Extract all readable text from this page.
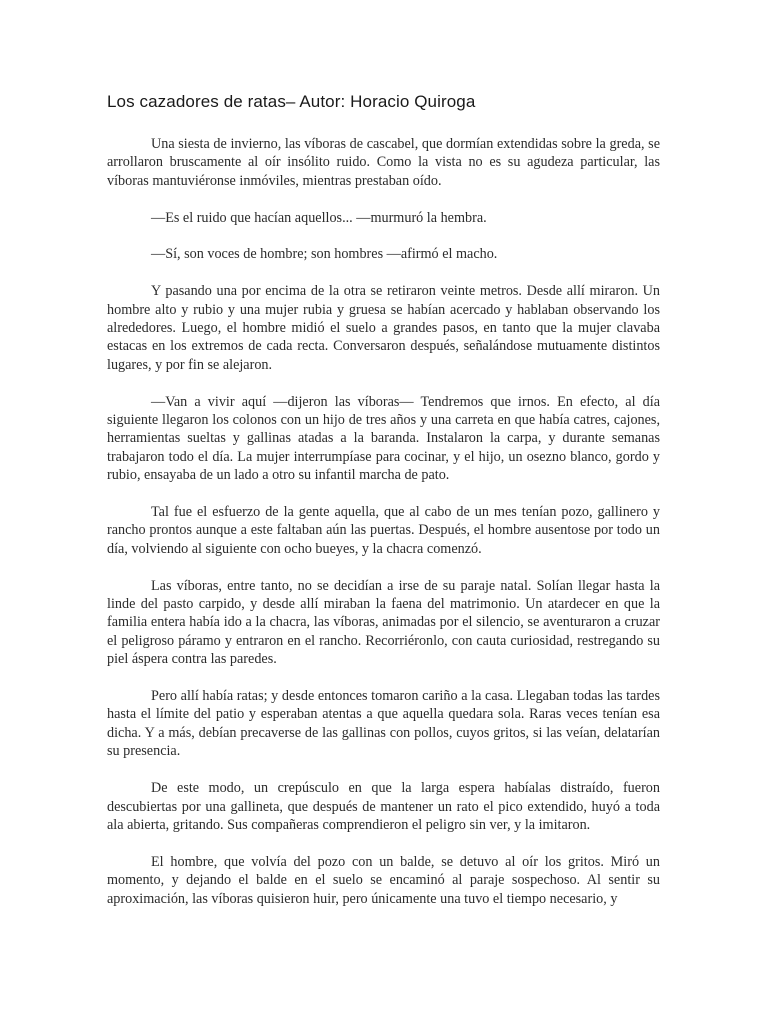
Los cazadores de ratas– Autor: Horacio Quiroga

Una siesta de invierno, las víboras de cascabel, que dormían extendidas sobre la greda, se arrollaron bruscamente al oír insólito ruido. Como la vista no es su agudeza particular, las víboras mantuviéronse inmóviles, mientras prestaban oído.

—Es el ruido que hacían aquellos... —murmuró la hembra.

—Sí, son voces de hombre; son hombres —afirmó el macho.

Y pasando una por encima de la otra se retiraron veinte metros. Desde allí miraron. Un hombre alto y rubio y una mujer rubia y gruesa se habían acercado y hablaban observando los alrededores. Luego, el hombre midió el suelo a grandes pasos, en tanto que la mujer clavaba estacas en los extremos de cada recta. Conversaron después, señalándose mutuamente distintos lugares, y por fin se alejaron.

—Van a vivir aquí —dijeron las víboras— Tendremos que irnos. En efecto, al día siguiente llegaron los colonos con un hijo de tres años y una carreta en que había catres, cajones, herramientas sueltas y gallinas atadas a la baranda. Instalaron la carpa, y durante semanas trabajaron todo el día. La mujer interrumpíase para cocinar, y el hijo, un osezno blanco, gordo y rubio, ensayaba de un lado a otro su infantil marcha de pato.

Tal fue el esfuerzo de la gente aquella, que al cabo de un mes tenían pozo, gallinero y rancho prontos aunque a este faltaban aún las puertas. Después, el hombre ausentose por todo un día, volviendo al siguiente con ocho bueyes, y la chacra comenzó.

Las víboras, entre tanto, no se decidían a irse de su paraje natal. Solían llegar hasta la linde del pasto carpido, y desde allí miraban la faena del matrimonio. Un atardecer en que la familia entera había ido a la chacra, las víboras, animadas por el silencio, se aventuraron a cruzar el peligroso páramo y entraron en el rancho. Recorriéronlo, con cauta curiosidad, restregando su piel áspera contra las paredes.

Pero allí había ratas; y desde entonces tomaron cariño a la casa. Llegaban todas las tardes hasta el límite del patio y esperaban atentas a que aquella quedara sola. Raras veces tenían esa dicha. Y a más, debían precaverse de las gallinas con pollos, cuyos gritos, si las veían, delatarían su presencia.

De este modo, un crepúsculo en que la larga espera habíalas distraído, fueron descubiertas por una gallineta, que después de mantener un rato el pico extendido, huyó a toda ala abierta, gritando. Sus compañeras comprendieron el peligro sin ver, y la imitaron.

El hombre, que volvía del pozo con un balde, se detuvo al oír los gritos. Miró un momento, y dejando el balde en el suelo se encaminó al paraje sospechoso. Al sentir su aproximación, las víboras quisieron huir, pero únicamente una tuvo el tiempo necesario, y
